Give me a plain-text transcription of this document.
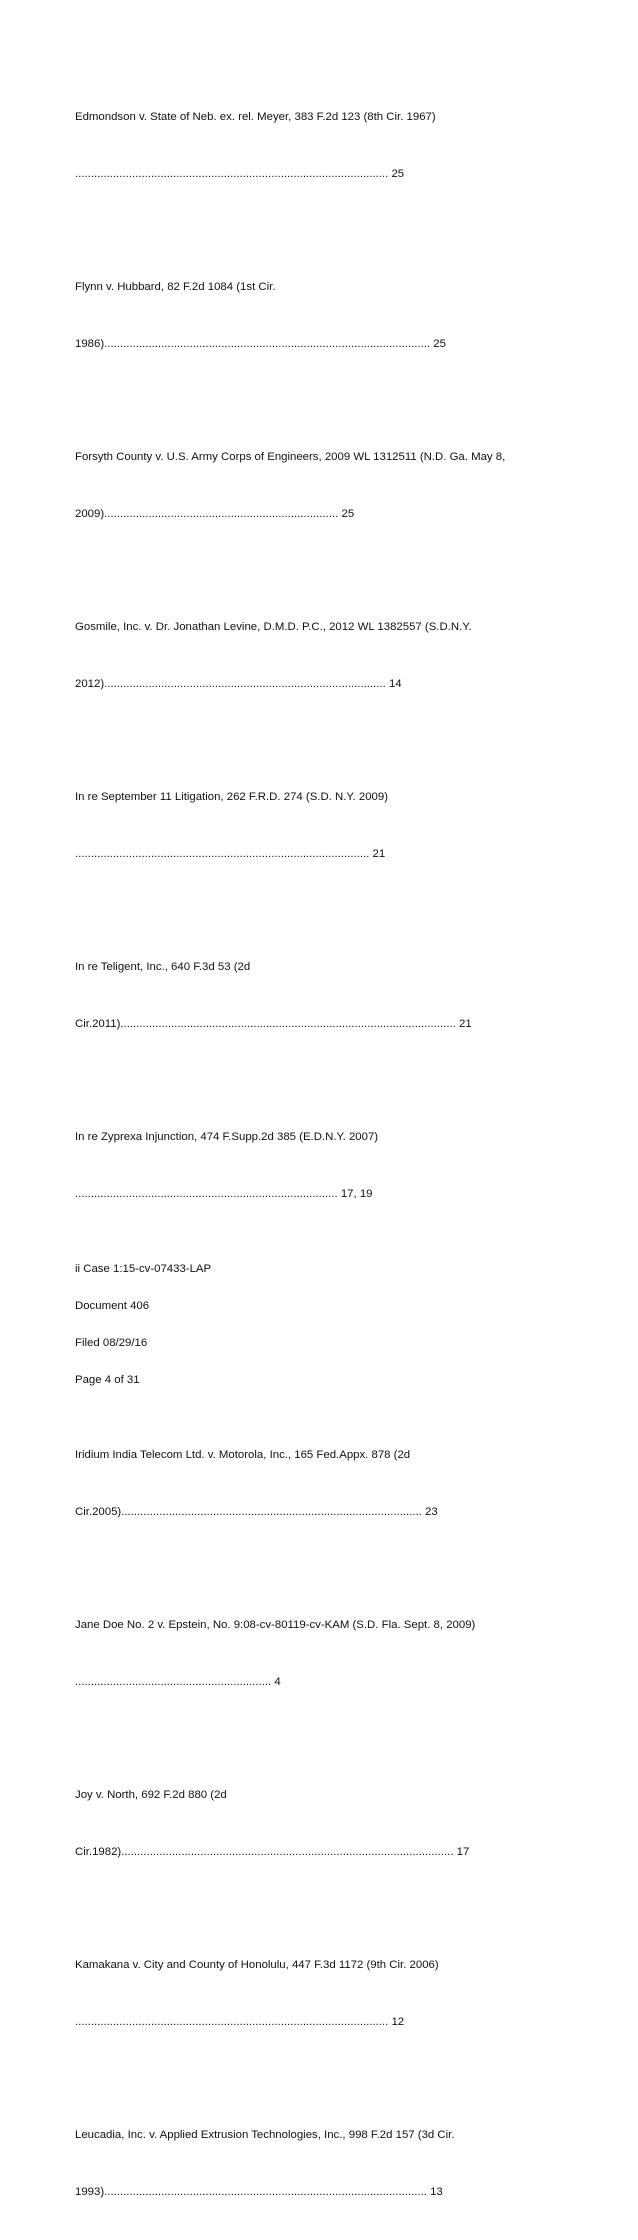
Edmondson v. State of Neb. ex. rel. Meyer, 383 F.2d 123 (8th Cir. 1967)

................................................................................................... 25

Flynn v. Hubbard, 82 F.2d 1084 (1st Cir.

1986)....................................................................................................... 25

Forsyth County v. U.S. Army Corps of Engineers, 2009 WL 1312511 (N.D. Ga. May 8,

2009).......................................................................... 25

Gosmile, Inc. v. Dr. Jonathan Levine, D.M.D. P.C., 2012 WL 1382557 (S.D.N.Y.

2012)......................................................................................... 14

In re September 11 Litigation, 262 F.R.D. 274 (S.D. N.Y. 2009)

............................................................................................. 21

In re Teligent, Inc., 640 F.3d 53 (2d

Cir.2011).......................................................................................................... 21

In re Zyprexa Injunction, 474 F.Supp.2d 385 (E.D.N.Y. 2007)

................................................................................... 17, 19

ii Case 1:15-cv-07433-LAP
Document 406
Filed 08/29/16
Page 4 of 31

Iridium India Telecom Ltd. v. Motorola, Inc., 165 Fed.Appx. 878 (2d

Cir.2005)............................................................................................... 23

Jane Doe No. 2 v. Epstein, No. 9:08-cv-80119-cv-KAM (S.D. Fla. Sept. 8, 2009)

.............................................................. 4

Joy v. North, 692 F.2d 880 (2d

Cir.1982)......................................................................................................... 17

Kamakana v. City and County of Honolulu, 447 F.3d 1172 (9th Cir. 2006)

................................................................................................... 12

Leucadia, Inc. v. Applied Extrusion Technologies, Inc., 998 F.2d 157 (3d Cir.

1993)...................................................................................................... 13
